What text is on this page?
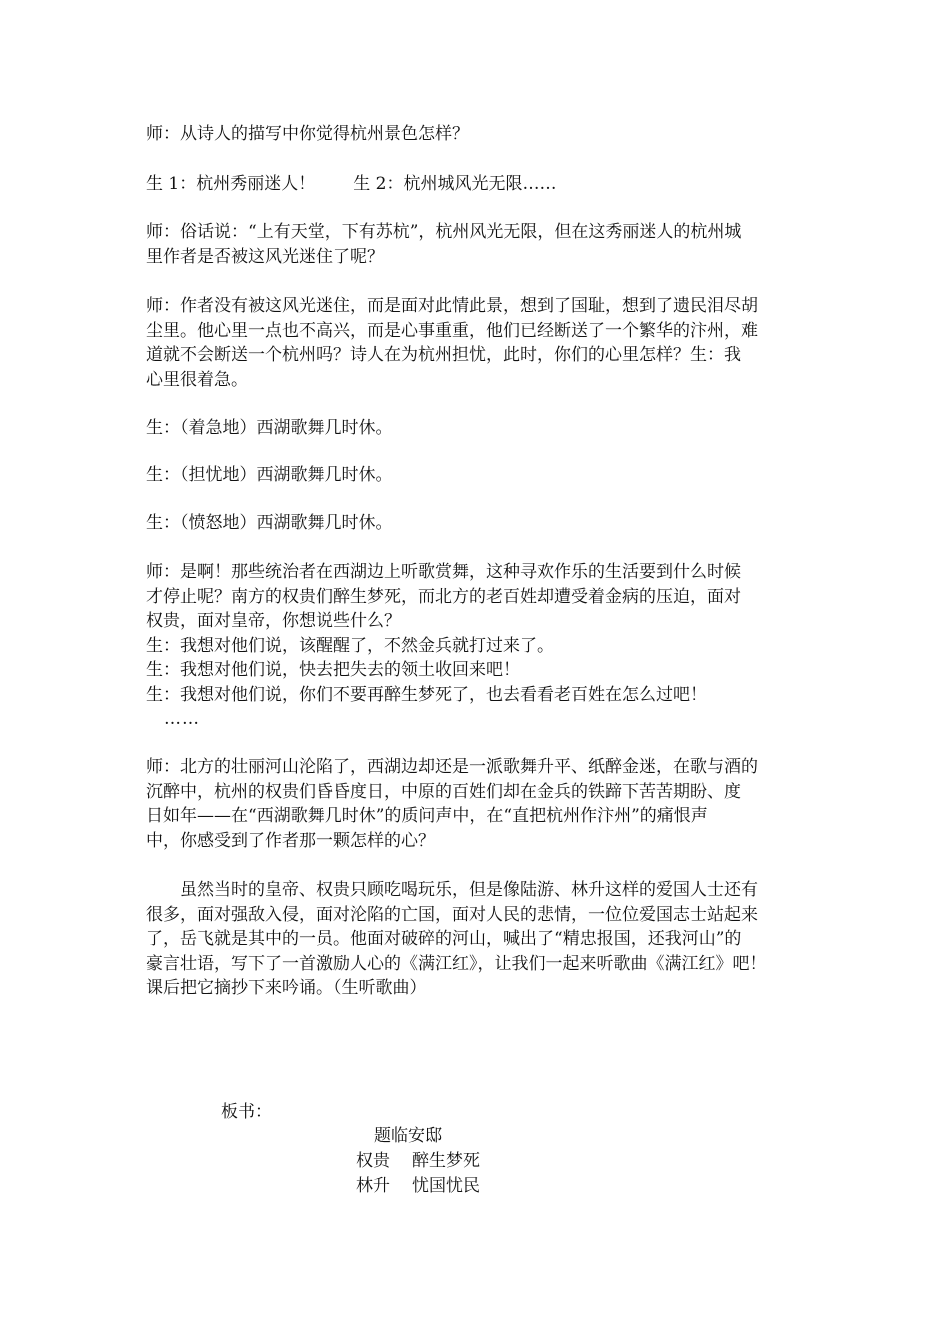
师：从诗人的描写中你觉得杭州景色怎样？

生 1：杭州秀丽迷人！ 生 2：杭州城风光无限……

师：俗话说：“上有天堂，下有苏杭”，杭州风光无限，但在这秀丽迷人的杭州城
里作者是否被这风光迷住了呢？

师：作者没有被这风光迷住，而是面对此情此景，想到了国耻，想到了遗民泪尽胡
尘里。他心里一点也不高兴，而是心事重重，他们已经断送了一个繁华的汴州，难
道就不会断送一个杭州吗？诗人在为杭州担忧，此时，你们的心里怎样？生：我
心里很着急。

生：（着急地）西湖歌舞几时休。

生：（担忧地）西湖歌舞几时休。

生：（愤怒地）西湖歌舞几时休。

师：是啊！那些统治者在西湖边上听歌赏舞，这种寻欢作乐的生活要到什么时候
才停止呢？南方的权贵们醉生梦死，而北方的老百姓却遭受着金病的压迫，面对
权贵，面对皇帝，你想说些什么？
生：我想对他们说，该醒醒了，不然金兵就打过来了。
生：我想对他们说，快去把失去的领土收回来吧！
生：我想对他们说，你们不要再醉生梦死了，也去看看老百姓在怎么过吧！
……

师：北方的壮丽河山沦陷了，西湖边却还是一派歌舞升平、纸醉金迷，在歌与酒的
沉醉中，杭州的权贵们昏昏度日，中原的百姓们却在金兵的铁蹄下苦苦期盼、度
日如年——在“西湖歌舞几时休”的质问声中，在“直把杭州作汴州”的痛恨声
中，你感受到了作者那一颗怎样的心？

虽然当时的皇帝、权贵只顾吃喝玩乐，但是像陆游、林升这样的爱国人士还有
很多，面对强敌入侵，面对沦陷的亡国，面对人民的悲情，一位位爱国志士站起来
了，岳飞就是其中的一员。他面对破碎的河山，喊出了“精忠报国，还我河山”的
豪言壮语，写下了一首激励人心的《满江红》，让我们一起来听歌曲《满江红》吧！
课后把它摘抄下来吟诵。（生听歌曲）

板书：
题临安邸
权贵 醉生梦死
林升 忧国忧民
